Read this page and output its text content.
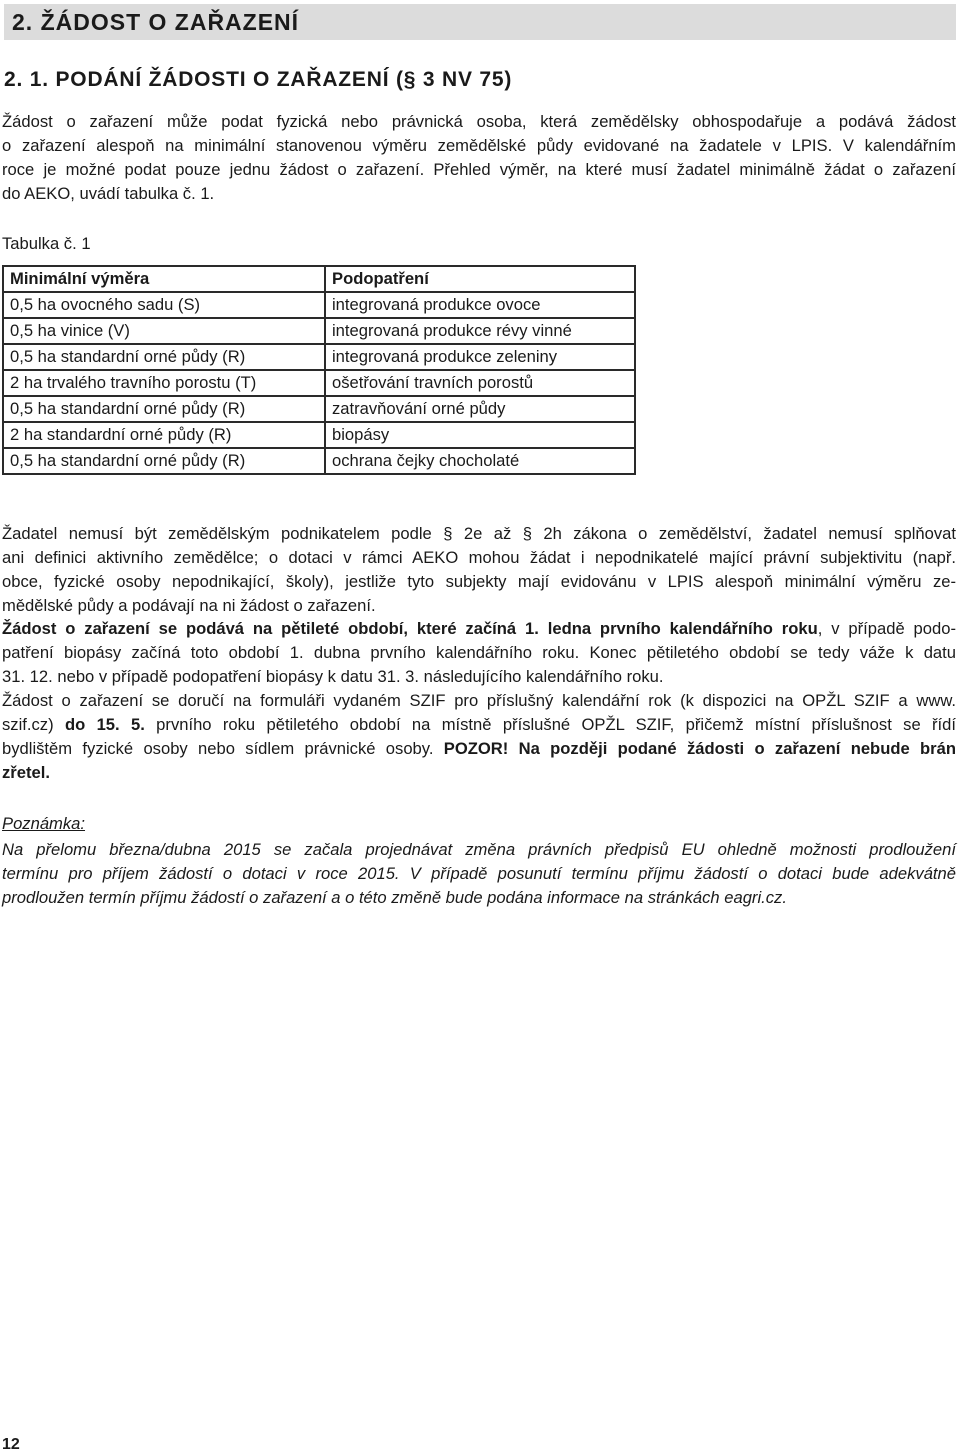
2. ŽÁDOST O ZAŘAZENÍ
2. 1. PODÁNÍ ŽÁDOSTI O ZAŘAZENÍ (§ 3 NV 75)
Žádost o zařazení může podat fyzická nebo právnická osoba, která zemědělsky obhospodařuje a podává žádost
o zařazení alespoň na minimální stanovenou výměru zemědělské půdy evidované na žadatele v LPIS. V kalendářním
roce je možné podat pouze jednu žádost o zařazení. Přehled výměr, na které musí žadatel minimálně žádat o zařazení
do AEKO, uvádí tabulka č. 1.
Tabulka č. 1
Minimální výměra	Podopatření
0,5 ha ovocného sadu (S)	integrovaná produkce ovoce
0,5 ha vinice (V)	integrovaná produkce révy vinné
0,5 ha standardní orné půdy (R)	integrovaná produkce zeleniny
2 ha trvalého travního porostu (T)	ošetřování travních porostů
0,5 ha standardní orné půdy (R)	zatravňování orné půdy
2 ha standardní orné půdy (R)	biopásy
0,5 ha standardní orné půdy (R)	ochrana čejky chocholaté
Žadatel nemusí být zemědělským podnikatelem podle § 2e až § 2h zákona o zemědělství, žadatel nemusí splňovat
ani definici aktivního zemědělce; o dotaci v rámci AEKO mohou žádat i nepodnikatelé mající právní subjektivitu (např.
obce, fyzické osoby nepodnikající, školy), jestliže tyto subjekty mají evidovánu v LPIS alespoň minimální výměru ze-
mědělské půdy a podávají na ni žádost o zařazení.
Žádost o zařazení se podává na pětileté období, které začíná 1. ledna prvního kalendářního roku, v případě podo-
patření biopásy začíná toto období 1. dubna prvního kalendářního roku. Konec pětiletého období se tedy váže k datu
31. 12. nebo v případě podopatření biopásy k datu 31. 3. následujícího kalendářního roku.
Žádost o zařazení se doručí na formuláři vydaném SZIF pro příslušný kalendářní rok (k dispozici na OPŽL SZIF a www.
szif.cz) do 15. 5. prvního roku pětiletého období na místně příslušné OPŽL SZIF, přičemž místní příslušnost se řídí
bydlištěm fyzické osoby nebo sídlem právnické osoby. POZOR! Na později podané žádosti o zařazení nebude brán
zřetel.
Poznámka:
Na přelomu března/dubna 2015 se začala projednávat změna právních předpisů EU ohledně možnosti prodloužení
termínu pro příjem žádostí o dotaci v roce 2015. V případě posunutí termínu příjmu žádostí o dotaci bude adekvátně
prodloužen termín příjmu žádostí o zařazení a o této změně bude podána informace na stránkách eagri.cz.
12
